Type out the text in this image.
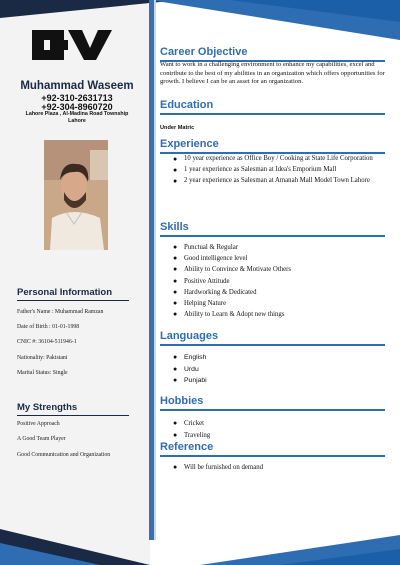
Muhammad Waseem
+92-310-2631713
+92-304-8960720
Lahore Plaza , Al-Madina Road Township
Lahore
Personal Information
Father's Name : Muhammad Ramzan
Date of Birth : 01-01-1998
CNIC #: 36104-511946-1
Nationality: Pakistani
Marital Status: Single
My Strengths
Positive Approach
A Good Team Player
Good Communication and Organization
Career Objective
Want to work in a challenging environment to enhance my capabilities, excel and contribute to the best of my abilities in an organization which offers opportunities for growth. I believe I can be an asset for an organization.
Education
Under Matric
Experience
● 10 year experience as Office Boy / Cooking at State Life Corporation
● 1 year experience as Salesman at Idea's Emporium Mall
● 2 year experience as Salesman at Amanah Mall Model Town Lahore
Skills
● Punctual & Regular
● Good intelligence level
● Ability to Convince & Motivate Others
● Positive Attitude
● Hardworking & Dedicated
● Helping Nature
● Ability to Learn & Adopt new things
Languages
● English
● Urdu
● Punjabi
Hobbies
● Cricket
● Traveling
Reference
● Will be furnished on demand
